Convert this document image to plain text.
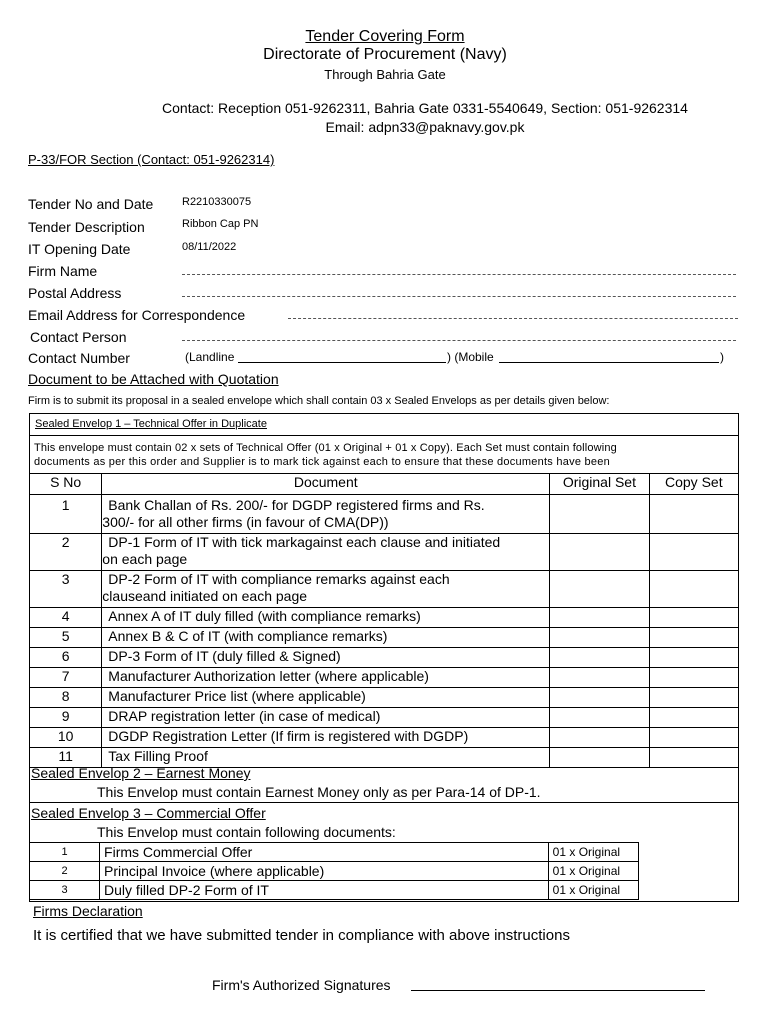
Tender Covering Form
Directorate of Procurement (Navy)
Through Bahria Gate
Contact: Reception 051-9262311, Bahria Gate 0331-5540649, Section: 051-9262314
Email: adpn33@paknavy.gov.pk
P-33/FOR Section (Contact: 051-9262314)
Tender No and Date	R2210330075
Tender Description	Ribbon Cap PN
IT Opening Date	08/11/2022
Firm Name
Postal Address
Email Address for Correspondence
Contact Person
Contact Number	(Landline	) (Mobile	)
Document to be Attached with Quotation
Firm is to submit its proposal in a sealed envelope which shall contain 03 x Sealed Envelops as per details given below:
Sealed Envelop 1 – Technical Offer in Duplicate
This envelope must contain 02 x sets of Technical Offer (01 x Original + 01 x Copy). Each Set must contain following
documents as per this order and Supplier is to mark tick against each to ensure that these documents have been
S No	Document	Original Set	Copy Set
1	Bank Challan of Rs. 200/- for DGDP registered firms and Rs.
300/- for all other firms (in favour of CMA(DP))		

2	DP-1 Form of IT with tick markagainst each clause and initiated
on each page		

3	DP-2 Form of IT with compliance remarks against each
clauseand initiated on each page		

4	Annex A of IT duly filled (with compliance remarks)		

5	Annex B & C of IT (with compliance remarks)		

6	DP-3 Form of IT (duly filled & Signed)		

7	Manufacturer Authorization letter (where applicable)		

8	Manufacturer Price list (where applicable)		

9	DRAP registration letter (in case of medical)		

10	DGDP Registration Letter (If firm is registered with DGDP)		

11	Tax Filling Proof		

Sealed Envelop 2 – Earnest Money
This Envelop must contain Earnest Money only as per Para-14 of DP-1.
Sealed Envelop 3 – Commercial Offer
This Envelop must contain following documents:
1	Firms Commercial Offer	01 x Original
2	Principal Invoice (where applicable)	01 x Original
3	Duly filled DP-2 Form of IT	01 x Original
Firms Declaration
It is certified that we have submitted tender in compliance with above instructions
Firm's Authorized Signatures
